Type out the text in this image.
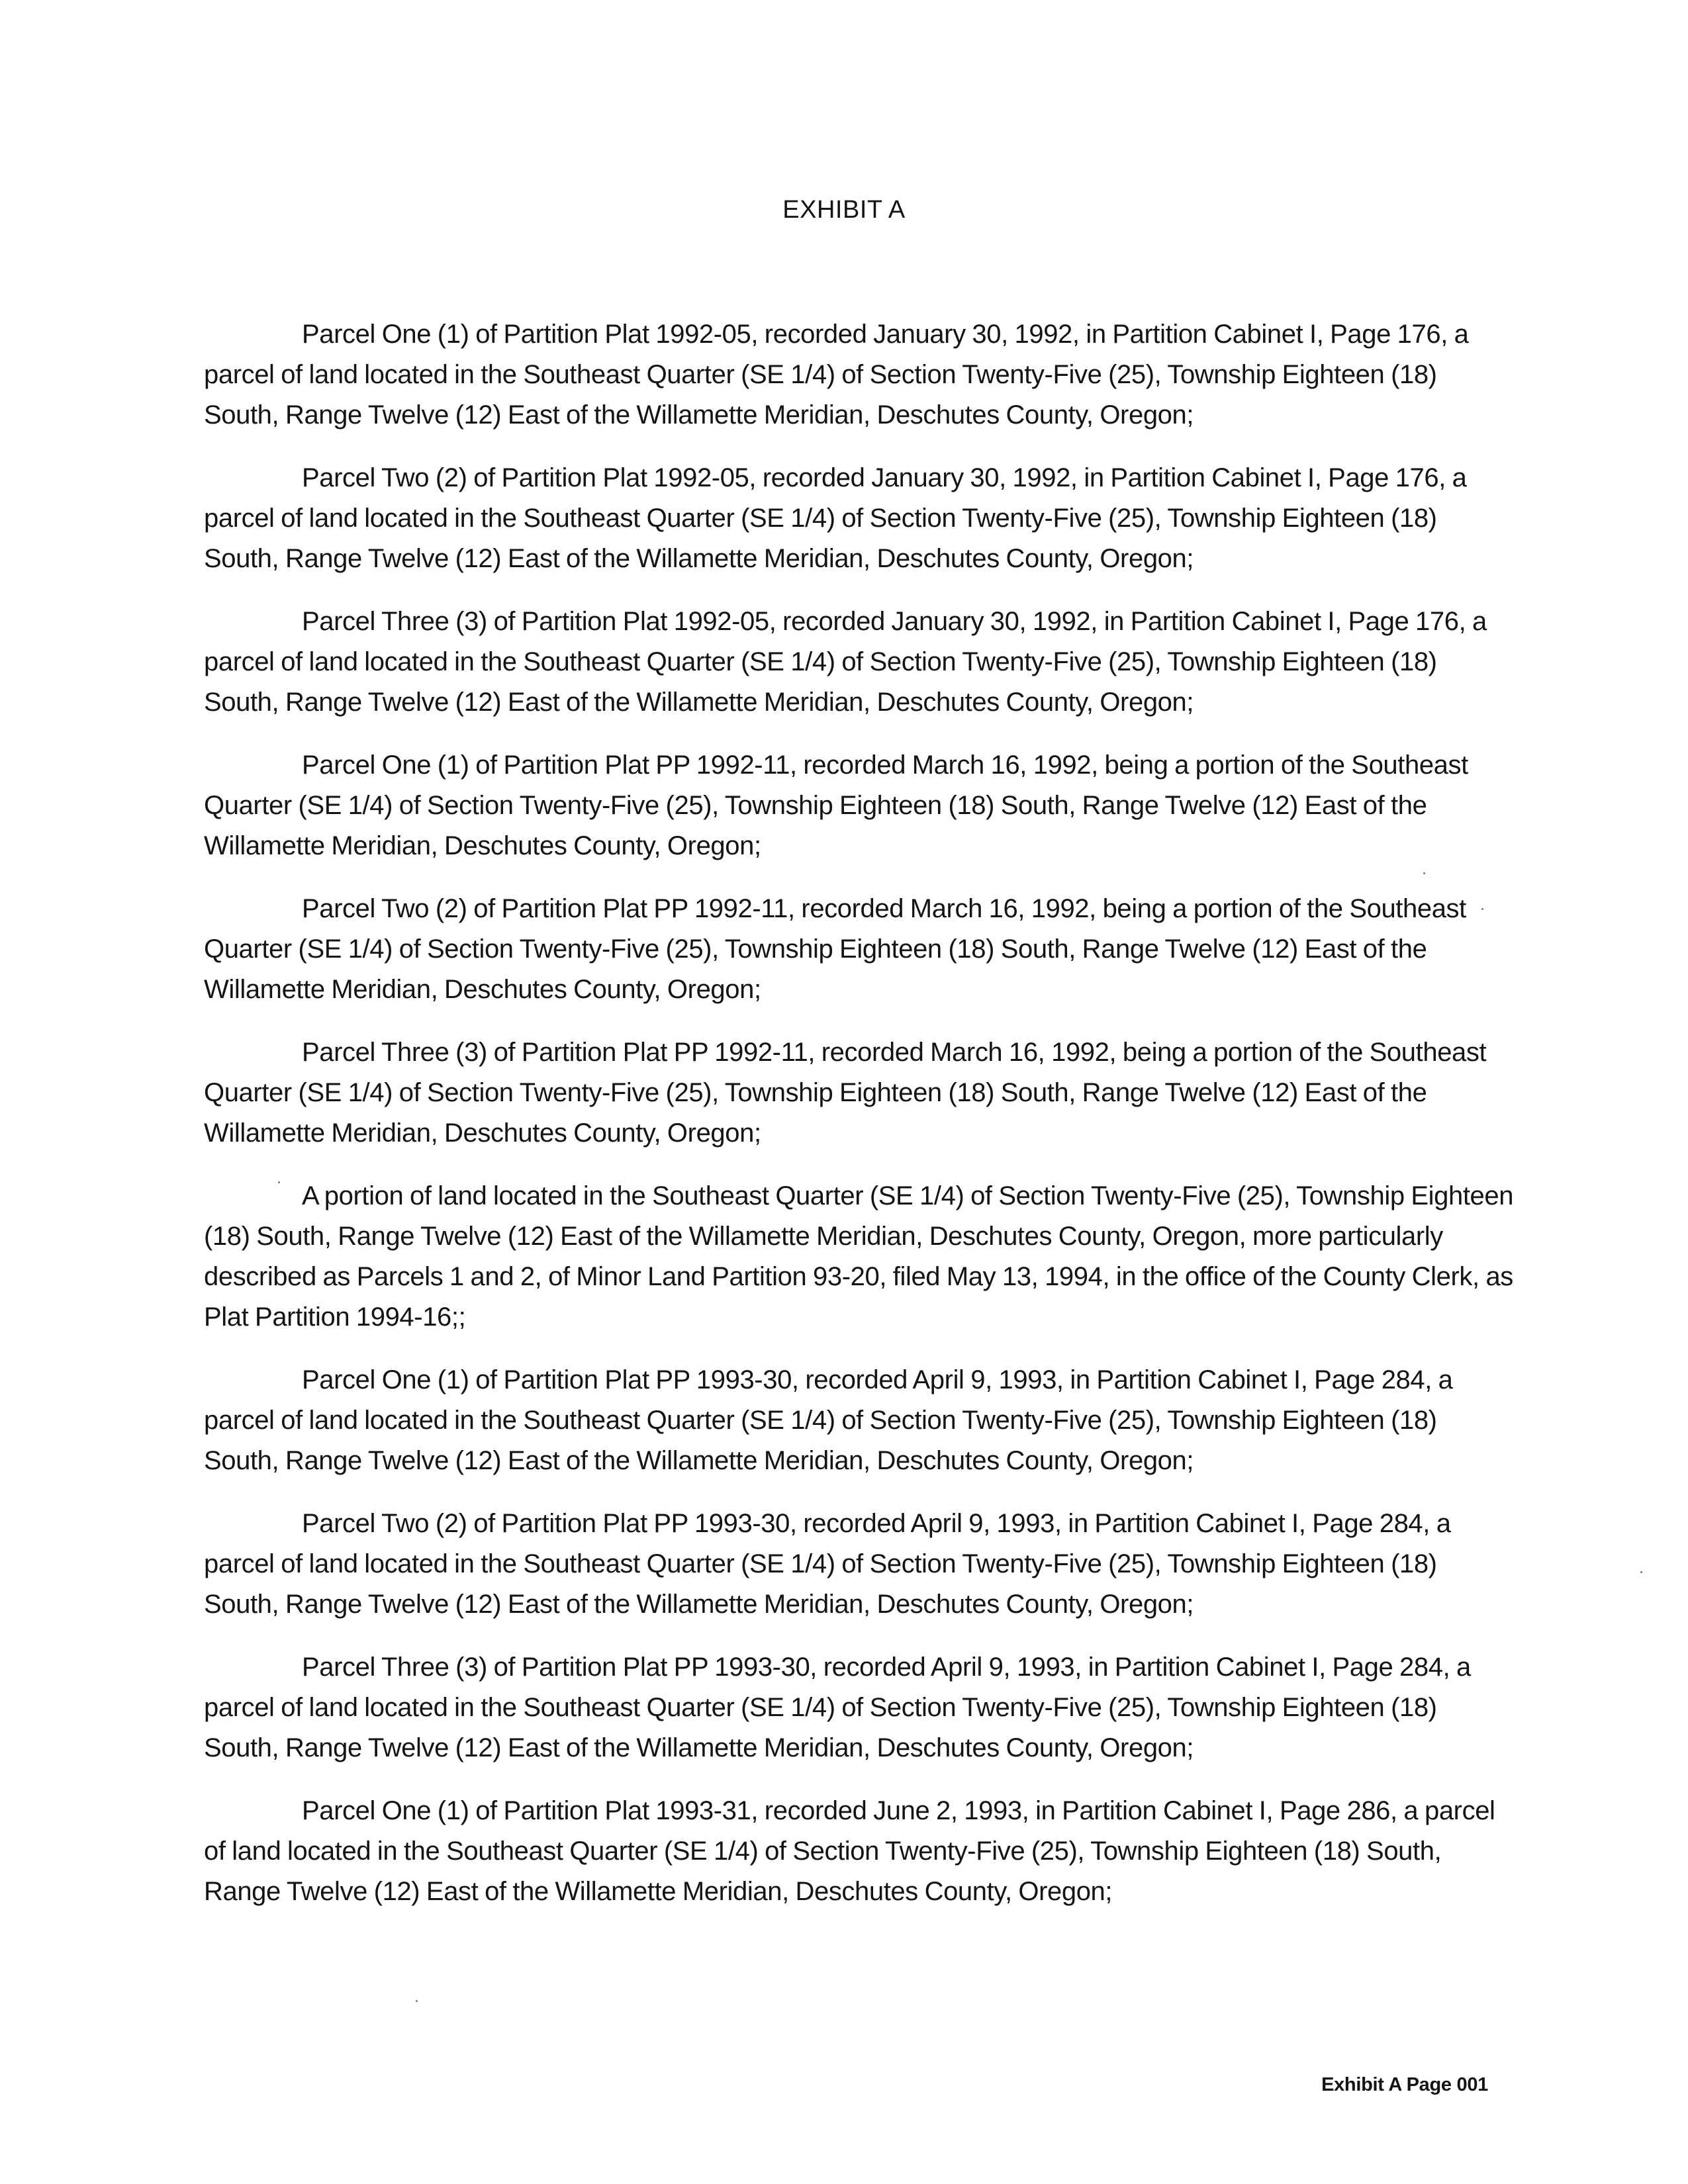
EXHIBIT A

Parcel One (1) of Partition Plat 1992-05, recorded January 30, 1992, in Partition Cabinet I, Page 176, a parcel of land located in the Southeast Quarter (SE 1/4) of Section Twenty-Five (25), Township Eighteen (18) South, Range Twelve (12) East of the Willamette Meridian, Deschutes County, Oregon;

Parcel Two (2) of Partition Plat 1992-05, recorded January 30, 1992, in Partition Cabinet I, Page 176, a parcel of land located in the Southeast Quarter (SE 1/4) of Section Twenty-Five (25), Township Eighteen (18) South, Range Twelve (12) East of the Willamette Meridian, Deschutes County, Oregon;

Parcel Three (3) of Partition Plat 1992-05, recorded January 30, 1992, in Partition Cabinet I, Page 176, a parcel of land located in the Southeast Quarter (SE 1/4) of Section Twenty-Five (25), Township Eighteen (18) South, Range Twelve (12) East of the Willamette Meridian, Deschutes County, Oregon;

Parcel One (1) of Partition Plat PP 1992-11, recorded March 16, 1992, being a portion of the Southeast Quarter (SE 1/4) of Section Twenty-Five (25), Township Eighteen (18) South, Range Twelve (12) East of the Willamette Meridian, Deschutes County, Oregon;

Parcel Two (2) of Partition Plat PP 1992-11, recorded March 16, 1992, being a portion of the Southeast Quarter (SE 1/4) of Section Twenty-Five (25), Township Eighteen (18) South, Range Twelve (12) East of the Willamette Meridian, Deschutes County, Oregon;

Parcel Three (3) of Partition Plat PP 1992-11, recorded March 16, 1992, being a portion of the Southeast Quarter (SE 1/4) of Section Twenty-Five (25), Township Eighteen (18) South, Range Twelve (12) East of the Willamette Meridian, Deschutes County, Oregon;

A portion of land located in the Southeast Quarter (SE 1/4) of Section Twenty-Five (25), Township Eighteen (18) South, Range Twelve (12) East of the Willamette Meridian, Deschutes County, Oregon, more particularly described as Parcels 1 and 2, of Minor Land Partition 93-20, filed May 13, 1994, in the office of the County Clerk, as Plat Partition 1994-16;;

Parcel One (1) of Partition Plat PP 1993-30, recorded April 9, 1993, in Partition Cabinet I, Page 284, a parcel of land located in the Southeast Quarter (SE 1/4) of Section Twenty-Five (25), Township Eighteen (18) South, Range Twelve (12) East of the Willamette Meridian, Deschutes County, Oregon;

Parcel Two (2) of Partition Plat PP 1993-30, recorded April 9, 1993, in Partition Cabinet I, Page 284, a parcel of land located in the Southeast Quarter (SE 1/4) of Section Twenty-Five (25), Township Eighteen (18) South, Range Twelve (12) East of the Willamette Meridian, Deschutes County, Oregon;

Parcel Three (3) of Partition Plat PP 1993-30, recorded April 9, 1993, in Partition Cabinet I, Page 284, a parcel of land located in the Southeast Quarter (SE 1/4) of Section Twenty-Five (25), Township Eighteen (18) South, Range Twelve (12) East of the Willamette Meridian, Deschutes County, Oregon;

Parcel One (1) of Partition Plat 1993-31, recorded June 2, 1993, in Partition Cabinet I, Page 286, a parcel of land located in the Southeast Quarter (SE 1/4) of Section Twenty-Five (25), Township Eighteen (18) South, Range Twelve (12) East of the Willamette Meridian, Deschutes County, Oregon;

Exhibit A Page 001
